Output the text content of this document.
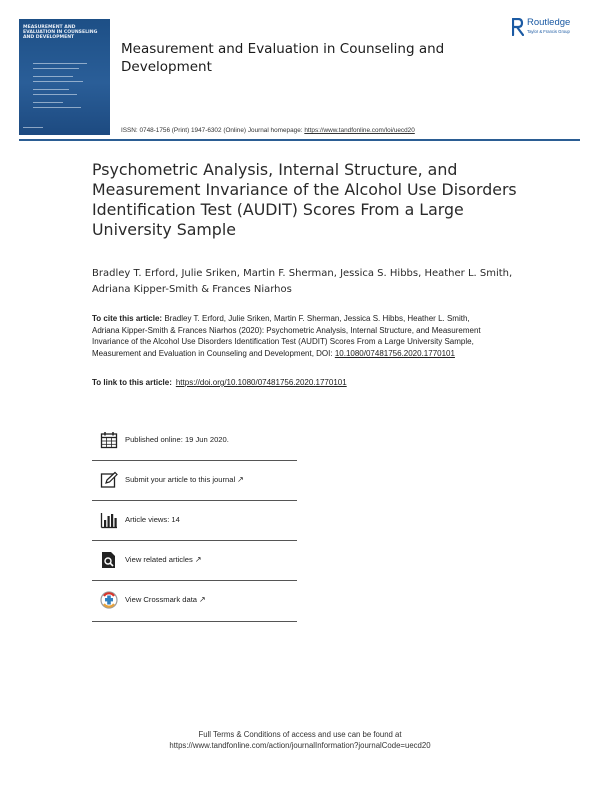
MEASUREMENT AND EVALUATION IN COUNSELING AND DEVELOPMENT
Measurement and Evaluation in Counseling and Development
Routledge
Taylor & Francis Group
ISSN: 0748-1756 (Print) 1947-6302 (Online) Journal homepage: https://www.tandfonline.com/loi/uecd20
Psychometric Analysis, Internal Structure, and Measurement Invariance of the Alcohol Use Disorders Identification Test (AUDIT) Scores From a Large University Sample
Bradley T. Erford, Julie Sriken, Martin F. Sherman, Jessica S. Hibbs, Heather L. Smith, Adriana Kipper-Smith & Frances Niarhos
To cite this article: Bradley T. Erford, Julie Sriken, Martin F. Sherman, Jessica S. Hibbs, Heather L. Smith, Adriana Kipper-Smith & Frances Niarhos (2020): Psychometric Analysis, Internal Structure, and Measurement Invariance of the Alcohol Use Disorders Identification Test (AUDIT) Scores From a Large University Sample, Measurement and Evaluation in Counseling and Development, DOI: 10.1080/07481756.2020.1770101
To link to this article: https://doi.org/10.1080/07481756.2020.1770101
Published online: 19 Jun 2020.
Submit your article to this journal ↗
Article views: 14
View related articles ↗
View Crossmark data ↗
Full Terms & Conditions of access and use can be found at
https://www.tandfonline.com/action/journalInformation?journalCode=uecd20
